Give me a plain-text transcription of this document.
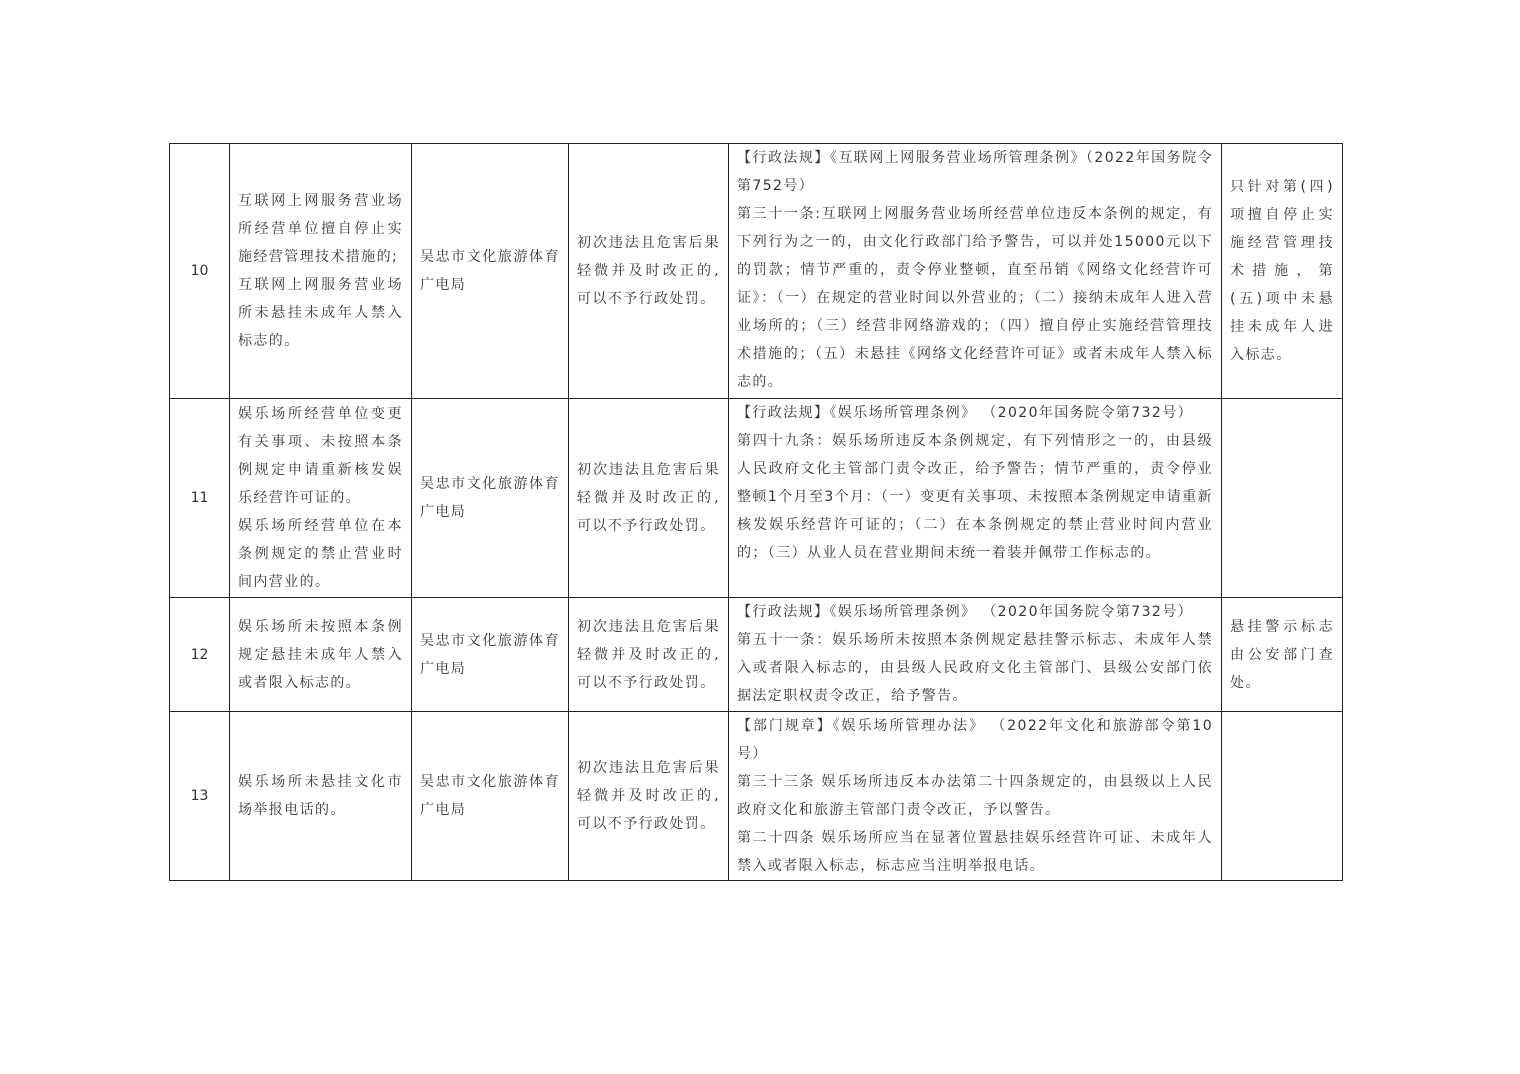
10	互联网上网服务营业场所经营单位擅自停止实施经营管理技术措施的;
互联网上网服务营业场所未悬挂未成年人禁入标志的。	吴忠市文化旅游体育广电局	初次违法且危害后果轻微并及时改正的,可以不予行政处罚。	【行政法规】《互联网上网服务营业场所管理条例》（2022年国务院令第752号）
第三十一条:互联网上网服务营业场所经营单位违反本条例的规定，有下列行为之一的，由文化行政部门给予警告，可以并处15000元以下的罚款；情节严重的，责令停业整顿，直至吊销《网络文化经营许可证》：（一）在规定的营业时间以外营业的；（二）接纳未成年人进入营业场所的；（三）经营非网络游戏的；（四）擅自停止实施经营管理技术措施的；（五）未悬挂《网络文化经营许可证》或者未成年人禁入标志的。	只针对第(四)项擅自停止实施经营管理技术措施，第(五)项中未悬挂未成年人进入标志。
11	娱乐场所经营单位变更有关事项、未按照本条例规定申请重新核发娱乐经营许可证的。
娱乐场所经营单位在本条例规定的禁止营业时间内营业的。	吴忠市文化旅游体育广电局	初次违法且危害后果轻微并及时改正的,可以不予行政处罚。	【行政法规】《娱乐场所管理条例》 （2020年国务院令第732号）
第四十九条：娱乐场所违反本条例规定，有下列情形之一的，由县级人民政府文化主管部门责令改正，给予警告；情节严重的，责令停业整顿1个月至3个月：（一）变更有关事项、未按照本条例规定申请重新核发娱乐经营许可证的；（二）在本条例规定的禁止营业时间内营业的；（三）从业人员在营业期间未统一着装并佩带工作标志的。	

12	娱乐场所未按照本条例规定悬挂未成年人禁入或者限入标志的。	吴忠市文化旅游体育广电局	初次违法且危害后果轻微并及时改正的,可以不予行政处罚。	【行政法规】《娱乐场所管理条例》 （2020年国务院令第732号）
第五十一条：娱乐场所未按照本条例规定悬挂警示标志、未成年人禁入或者限入标志的，由县级人民政府文化主管部门、县级公安部门依据法定职权责令改正，给予警告。	悬挂警示标志由公安部门查处。
13	娱乐场所未悬挂文化市场举报电话的。	吴忠市文化旅游体育广电局	初次违法且危害后果轻微并及时改正的,可以不予行政处罚。	【部门规章】《娱乐场所管理办法》 （2022年文化和旅游部令第10号）
第三十三条 娱乐场所违反本办法第二十四条规定的，由县级以上人民政府文化和旅游主管部门责令改正，予以警告。
第二十四条 娱乐场所应当在显著位置悬挂娱乐经营许可证、未成年人禁入或者限入标志，标志应当注明举报电话。	
